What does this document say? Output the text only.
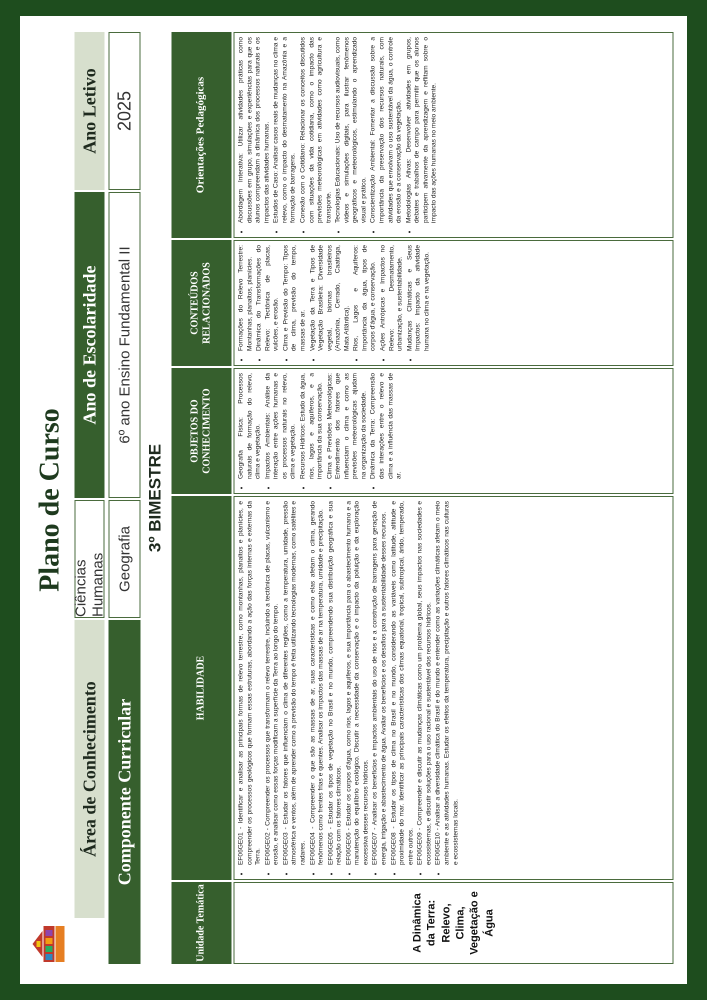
Plano de Curso
Área de Conhecimento
Ciências Humanas
Ano de Escolaridade
Ano Letivo
Componente Curricular
Geografia
6º ano Ensino Fundamental II
2025
3º BIMESTRE
Unidade Temática
HABILIDADE
OBJETOS DO CONHECIMENTO
CONTEÚDOS RELACIONADOS
Orientações Pedagógicas
A Dinâmica da Terra: Relevo, Clima, Vegetação e Água
• EF06GE01 - Identificar e analisar as principais formas de relevo terrestre, como montanhas, planaltos e planícies, e compreender os processos geológicos que formam essas estruturas, abordando a ação das forças internas e externas da Terra. • EF06GE02 - Compreender os processos que transformam o relevo terrestre, incluindo a tectônica de placas, vulcanismo e erosão, e analisar como essas forças modificam a superfície da Terra ao longo do tempo. • EF06GE03 - Estudar os fatores que influenciam o clima de diferentes regiões, como a temperatura, umidade, pressão atmosférica e ventos, além de aprender como a previsão do tempo é feita utilizando tecnologias modernas, como satélites e radares. • EF06GE04 - Compreender o que são as massas de ar, suas características e como elas afetam o clima, gerando fenômenos como frentes frias e quentes. Analisar os impactos das massas de ar na temperatura, umidade e precipitação. • EF06GE05 - Estudar os tipos de vegetação no Brasil e no mundo, compreendendo sua distribuição geográfica e sua relação com os fatores climáticos. • EF06GE06 - Estudar os corpos d'água, como rios, lagos e aquíferos, e sua importância para o abastecimento humano e a manutenção do equilíbrio ecológico. Discutir a necessidade da conservação e o impacto da poluição e da exploração excessiva desses recursos hídricos. • EF06GE07 - Analisar os benefícios e impactos ambientais do uso de rios e a construção de barragens para geração de energia, irrigação e abastecimento de água. Avaliar os benefícios e os desafios para a sustentabilidade desses recursos. • EF06GE08 - Estudar os tipos de clima no Brasil e no mundo, considerando as variáveis como latitude, altitude e proximidade do mar. Identificar as principais características dos climas equatorial, tropical, subtropical, árido, temperado, entre outros. • EF06GE09 - Compreender e discutir as mudanças climáticas como um problema global, seus impactos nas sociedades e ecossistemas, e discutir soluções para o uso racional e sustentável dos recursos hídricos. • EF06GE10 - Analisar a diversidade climática do Brasil e do mundo e entender como as variações climáticas afetam o meio ambiente e as atividades humanas. Estudar os efeitos da temperatura, precipitação e outros fatores climáticos nas culturas e ecossistemas locais.
• Geografia Física: Processos naturais de formação do relevo, clima e vegetação. • Impactos Ambientais: Análise da interação entre ações humanas e os processos naturais no relevo, clima e vegetação. • Recursos Hídricos: Estudo da água, rios, lagos e aquíferos, e a importância da sua conservação. • Clima e Previsões Meteorológicas: Entendimento dos fatores que influenciam o clima e como as previsões meteorológicas ajudam na organização da sociedade. • Dinâmica da Terra: Compreensão das interações entre o relevo e clima e a influência das massas de ar.
• Formações do Relevo Terrestre: Montanhas, planaltos, planícies. • Dinâmica do Transformações do Relevo: Tectônica de placas, vulcões, e erosão. • Clima e Previsão do Tempo: Tipos de clima, previsão do tempo, massas de ar. • Vegetação da Terra e Tipos de Vegetação Brasileira: Diversidade vegetal, biomas brasileiros (Amazônia, Cerrado, Caatinga, Mata Atlântica). • Rios, Lagos e Aquíferos: Importância da água, tipos de corpos d'água, e conservação. • Ações Antrópicas e Impactos no Relevo: Desmatamento, urbanização, e sustentabilidade. • Mudanças Climáticas e Seus Impactos: Impacto da atividade humana no clima e na vegetação.
• Abordagem Interativa: Utilizar atividades práticas como discussões em grupo, simulações e experiências para que os alunos compreendam a dinâmica dos processos naturais e os impactos das atividades humanas. • Estudos de Caso: Analisar casos reais de mudanças no clima e relevo, como o impacto do desmatamento na Amazônia e a formação de barragens. • Conexão com o Cotidiano: Relacionar os conceitos discutidos com situações da vida cotidiana, como o impacto das previsões meteorológicas em atividades como agricultura e transporte. • Tecnologias Educacionais: Uso de recursos audiovisuais, como vídeos e simulações digitais, para ilustrar fenômenos geográficos e meteorológicos, estimulando o aprendizado visual e prático. • Conscientização Ambiental: Fomentar a discussão sobre a importância da preservação dos recursos naturais, com atividades que envolvam o uso sustentável da água, o controle da erosão e a conservação da vegetação. • Metodologias Ativas: Desenvolver atividades em grupos, debates e trabalhos de campo para permitir que os alunos participem ativamente da aprendizagem e reflitam sobre o impacto das ações humanas no meio ambiente.
